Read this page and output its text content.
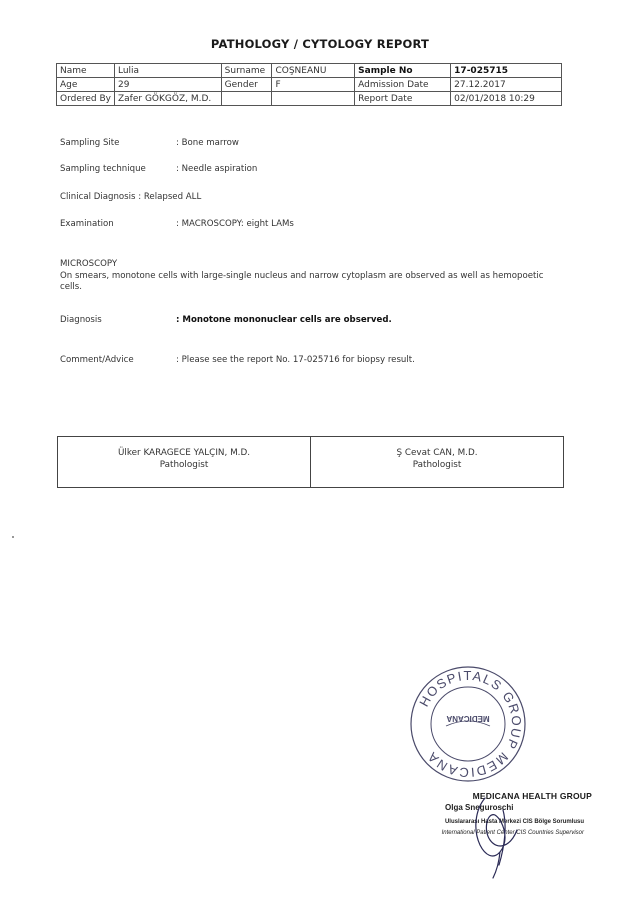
PATHOLOGY / CYTOLOGY REPORT
Name	Lulia	Surname	COŞNEANU	Sample No	17-025715
Age	29	Gender	F	Admission Date	27.12.2017
Ordered By	Zafer GÖKGÖZ, M.D.			Report Date	02/01/2018 10:29
Sampling Site	: Bone marrow
Sampling technique	: Needle aspiration
Clinical Diagnosis : Relapsed ALL
Examination	: MACROSCOPY: eight LAMs
MICROSCOPY
On smears, monotone cells with large-single nucleus and narrow cytoplasm are observed as well as hemopoetic cells.
Diagnosis	: Monotone mononuclear cells are observed.
Comment/Advice	: Please see the report No. 17-025716 for biopsy result.
Ülker KARAGECE YALÇIN, M.D.
Pathologist
Ş Cevat CAN, M.D.
Pathologist
HOSPITALS GROUP MEDICANA
MEDICANA
MEDICANA HEALTH GROUP
Olga Sneguroschi
Uluslararası Hasta Merkezi CIS Bölge Sorumlusu
International Patient Center CIS Countries Supervisor
